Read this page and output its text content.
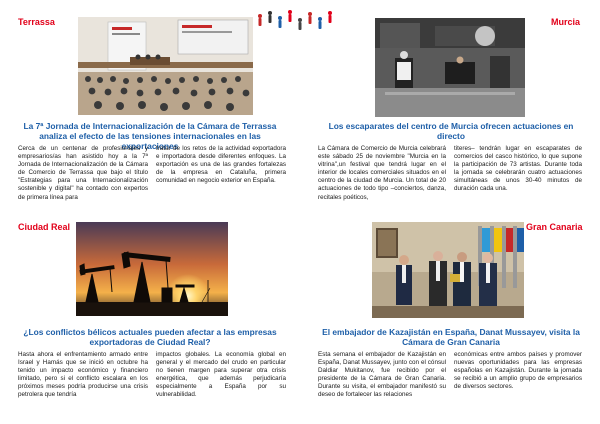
Terrassa
La 7ª Jornada de Internacionalización de la Cámara de Terrassa analiza el efecto de las tensiones internacionales en las exportaciones
Cerca de un centenar de profesionales y empresarios/as han asistido hoy a la 7ª Jornada de Internacionalización de la Cámara de Comercio de Terrassa que bajo el título "Estrategias para una Internacionalización sostenible y digital" ha contado con expertos de primera línea para
tratar de los retos de la actividad exportadora e importadora desde diferentes enfoques. La exportación es una de las grandes fortalezas de la empresa en Cataluña, primera comunidad en negocio exterior en España.
Murcia
Los escaparates del centro de Murcia ofrecen actuaciones en directo
La Cámara de Comercio de Murcia celebrará este sábado 25 de noviembre "Murcia en la vitrina",un festival que tendrá lugar en el interior de locales comerciales situados en el centro de la ciudad de Murcia. Un total de 20 actuaciones de todo tipo –conciertos, danza, recitales poéticos,
titeres– tendrán lugar en escaparates de comercios del casco histórico, lo que supone la participación de 73 artistas. Durante toda la jornada se celebrarán cuatro actuaciones simultáneas de unos 30-40 minutos de duración cada una.
Ciudad Real
¿Los conflictos bélicos actuales pueden afectar a las empresas exportadoras de Ciudad Real?
Hasta ahora el enfrentamiento armado entre Israel y Hamás que se inició en octubre ha tenido un impacto económico y financiero limitado, pero si el conflicto escalara en los próximos meses podría producirse una crisis petrolera que tendría
impactos globales. La economía global en general y el mercado del crudo en particular no tienen margen para superar otra crisis energética, que además perjudicaría especialmente a España por su vulnerabilidad.
Gran Canaria
El embajador de Kazajistán en España, Danat Mussayev, visita la Cámara de Gran Canaria
Esta semana el embajador de Kazajistán en España, Danat Mussayev, junto con el cónsul Daldiar Mukitanov, fue recibido por el presidente de la Cámara de Gran Canaria. Durante su visita, el embajador manifestó su deseo de fortalecer las relaciones
económicas entre ambos países y promover nuevas oportunidades para las empresas españolas en Kazajistán. Durante la jornada se recibió a un amplio grupo de empresarios de diversos sectores.
